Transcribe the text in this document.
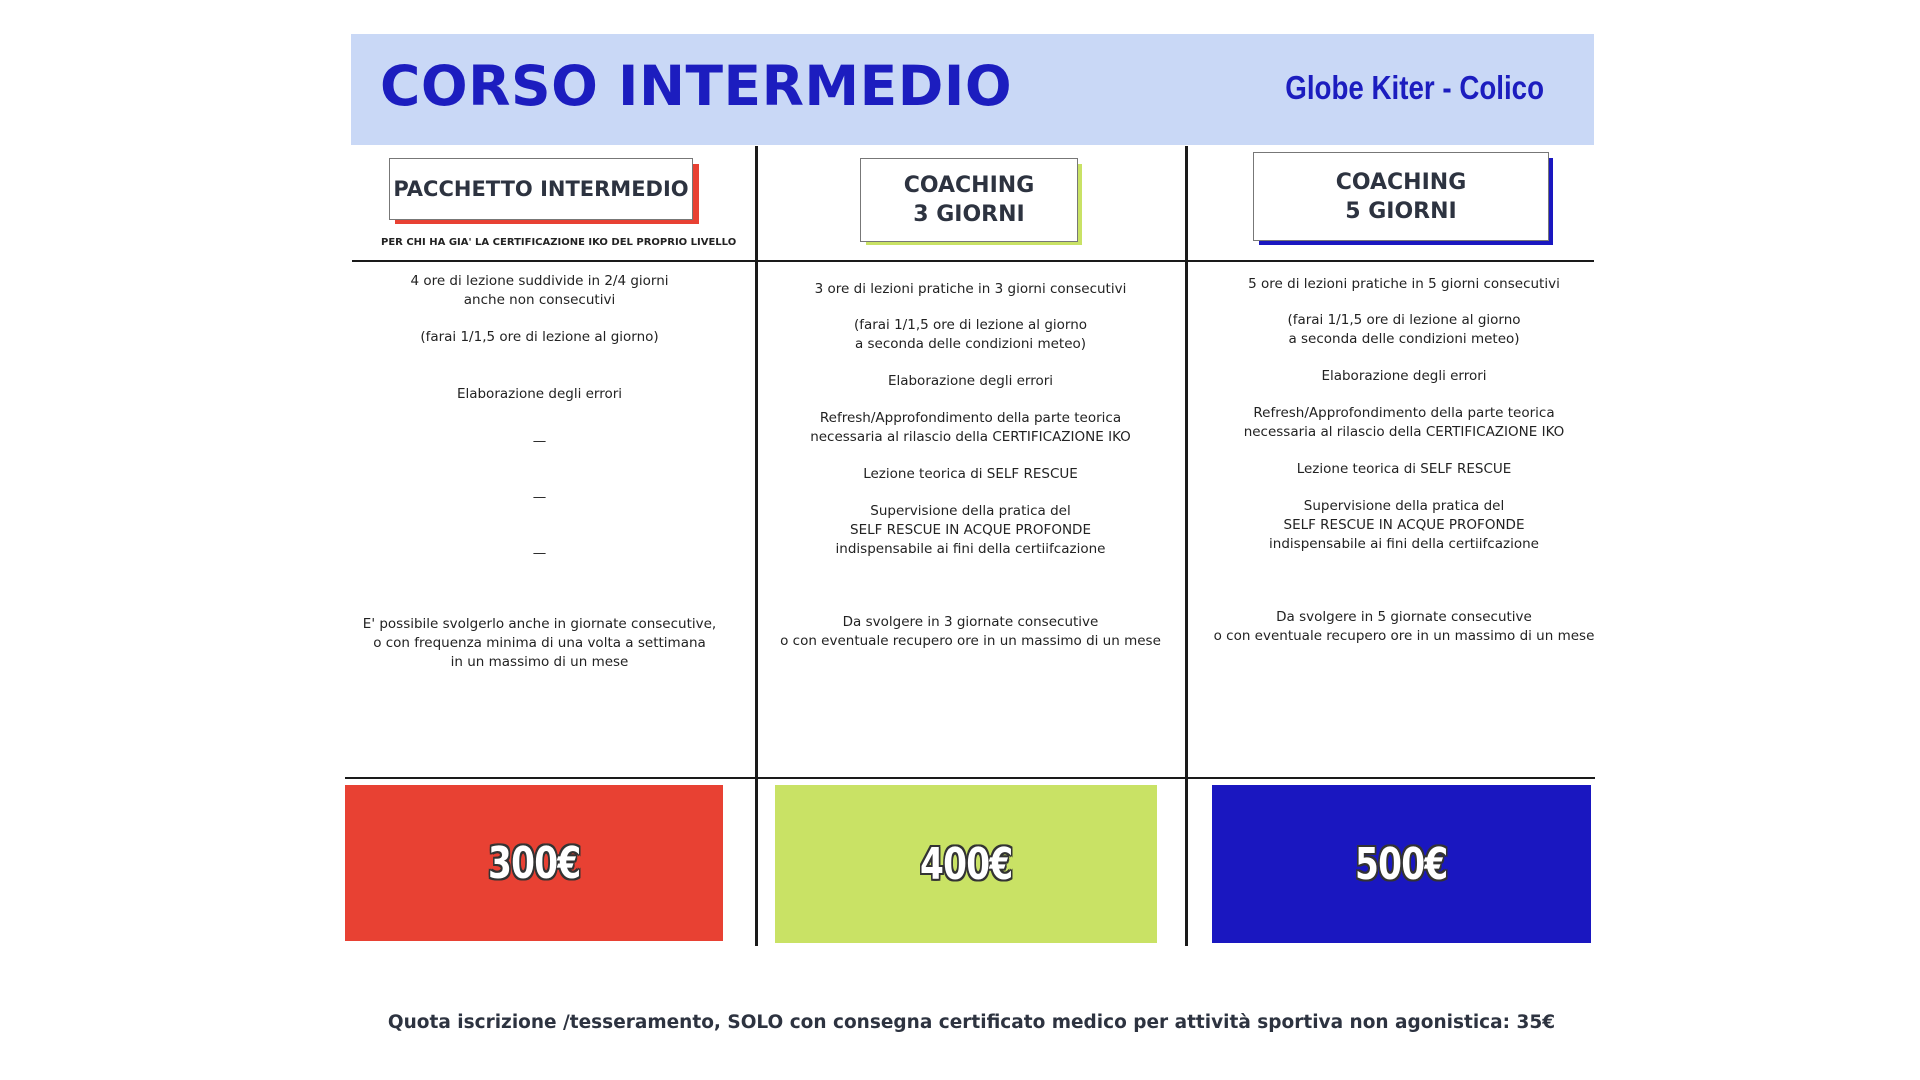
CORSO INTERMEDIO	Globe Kiter - Colico
PACCHETTO INTERMEDIO
PER CHI HA GIA' LA CERTIFICAZIONE IKO DEL PROPRIO LIVELLO
4 ore di lezione suddivide in 2/4 giorni
anche non consecutivi
(farai 1/1,5 ore di lezione al giorno)
Elaborazione degli errori
—
—
—
E' possibile svolgerlo anche in giornate consecutive,
o con frequenza minima di una volta a settimana
in un massimo di un mese
300€
COACHING
3 GIORNI
3 ore di lezioni pratiche in 3 giorni consecutivi
(farai 1/1,5 ore di lezione al giorno
a seconda delle condizioni meteo)
Elaborazione degli errori
Refresh/Approfondimento della parte teorica
necessaria al rilascio della CERTIFICAZIONE IKO
Lezione teorica di SELF RESCUE
Supervisione della pratica del
SELF RESCUE IN ACQUE PROFONDE
indispensabile ai fini della certiifcazione
Da svolgere in 3 giornate consecutive
o con eventuale recupero ore in un massimo di un mese
400€
COACHING
5 GIORNI
5 ore di lezioni pratiche in 5 giorni consecutivi
(farai 1/1,5 ore di lezione al giorno
a seconda delle condizioni meteo)
Elaborazione degli errori
Refresh/Approfondimento della parte teorica
necessaria al rilascio della CERTIFICAZIONE IKO
Lezione teorica di SELF RESCUE
Supervisione della pratica del
SELF RESCUE IN ACQUE PROFONDE
indispensabile ai fini della certiifcazione
Da svolgere in 5 giornate consecutive
o con eventuale recupero ore in un massimo di un mese
500€
Quota iscrizione /tesseramento, SOLO con consegna certificato medico per attività sportiva non agonistica: 35€
